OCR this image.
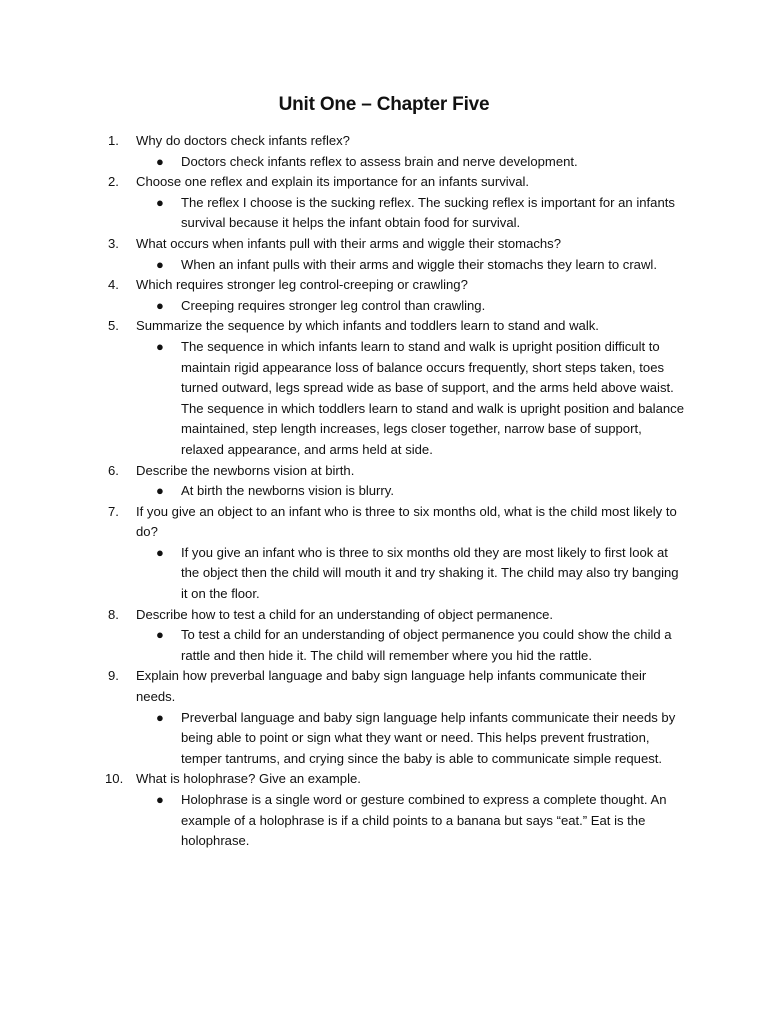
Unit One – Chapter Five
1.	Why do doctors check infants reflex?
● Doctors check infants reflex to assess brain and nerve development.
2.	Choose one reflex and explain its importance for an infants survival.
● The reflex I choose is the sucking reflex. The sucking reflex is important for an infants survival because it helps the infant obtain food for survival.
3.	What occurs when infants pull with their arms and wiggle their stomachs?
● When an infant pulls with their arms and wiggle their stomachs they learn to crawl.
4.	Which requires stronger leg control-creeping or crawling?
● Creeping requires stronger leg control than crawling.
5.	Summarize the sequence by which infants and toddlers learn to stand and walk.
● The sequence in which infants learn to stand and walk is upright position difficult to maintain rigid appearance loss of balance occurs frequently, short steps taken, toes turned outward, legs spread wide as base of support, and the arms held above waist. The sequence in which toddlers learn to stand and walk is upright position and balance maintained, step length increases, legs closer together, narrow base of support, relaxed appearance, and arms held at side.
6.	Describe the newborns vision at birth.
● At birth the newborns vision is blurry.
7.	If you give an object to an infant who is three to six months old, what is the child most likely to do?
● If you give an infant who is three to six months old they are most likely to first look at the object then the child will mouth it and try shaking it. The child may also try banging it on the floor.
8.	Describe how to test a child for an understanding of object permanence.
● To test a child for an understanding of object permanence you could show the child a rattle and then hide it. The child will remember where you hid the rattle.
9.	Explain how preverbal language and baby sign language help infants communicate their needs.
● Preverbal language and baby sign language help infants communicate their needs by being able to point or sign what they want or need. This helps prevent frustration, temper tantrums, and crying since the baby is able to communicate simple request.
10. What is holophrase? Give an example.
● Holophrase is a single word or gesture combined to express a complete thought. An example of a holophrase is if a child points to a banana but says “eat.” Eat is the holophrase.
